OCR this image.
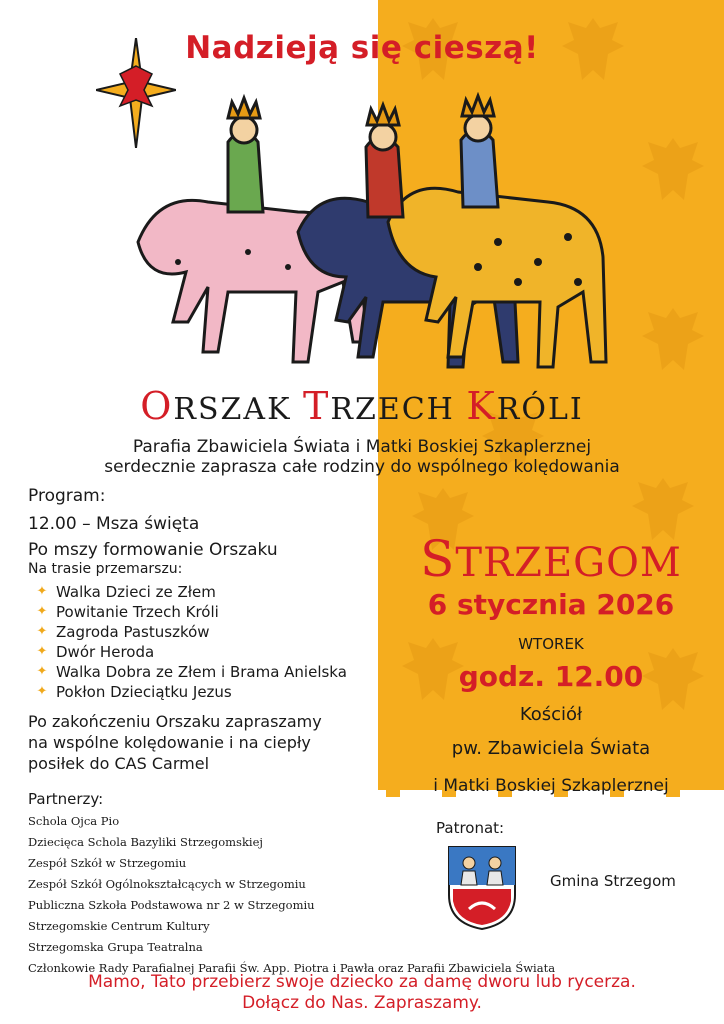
Nadzieją się cieszą!
ORSZAK TRZECH KRÓLI
Parafia Zbawiciela Świata i Matki Boskiej Szkaplerznej
serdecznie zaprasza całe rodziny do wspólnego kolędowania
Program:
12.00 – Msza święta
Po mszy formowanie Orszaku
Na trasie przemarszu:
✦ Walka Dzieci ze Złem
✦ Powitanie Trzech Króli
✦ Zagroda Pastuszków
✦ Dwór Heroda
✦ Walka Dobra ze Złem i Brama Anielska
✦ Pokłon Dzieciątku Jezus
Po zakończeniu Orszaku zapraszamy
na wspólne kolędowanie i na ciepły
posiłek do CAS Carmel
Partnerzy:
Schola Ojca Pio
Dziecięca Schola Bazyliki Strzegomskiej
Zespół Szkół w Strzegomiu
Zespół Szkół Ogólnokształcących w Strzegomiu
Publiczna Szkoła Podstawowa nr 2 w Strzegomiu
Strzegomskie Centrum Kultury
Strzegomska Grupa Teatralna
Członkowie Rady Parafialnej Parafii Św. App. Piotra i Pawła oraz Parafii Zbawiciela Świata
STRZEGOM
6 stycznia 2026
WTOREK
godz. 12.00
Kościół
pw. Zbawiciela Świata
i Matki Boskiej Szkaplerznej
Patronat:
Gmina Strzegom
Mamo, Tato przebierz swoje dziecko za damę dworu lub rycerza.
Dołącz do Nas. Zapraszamy.
